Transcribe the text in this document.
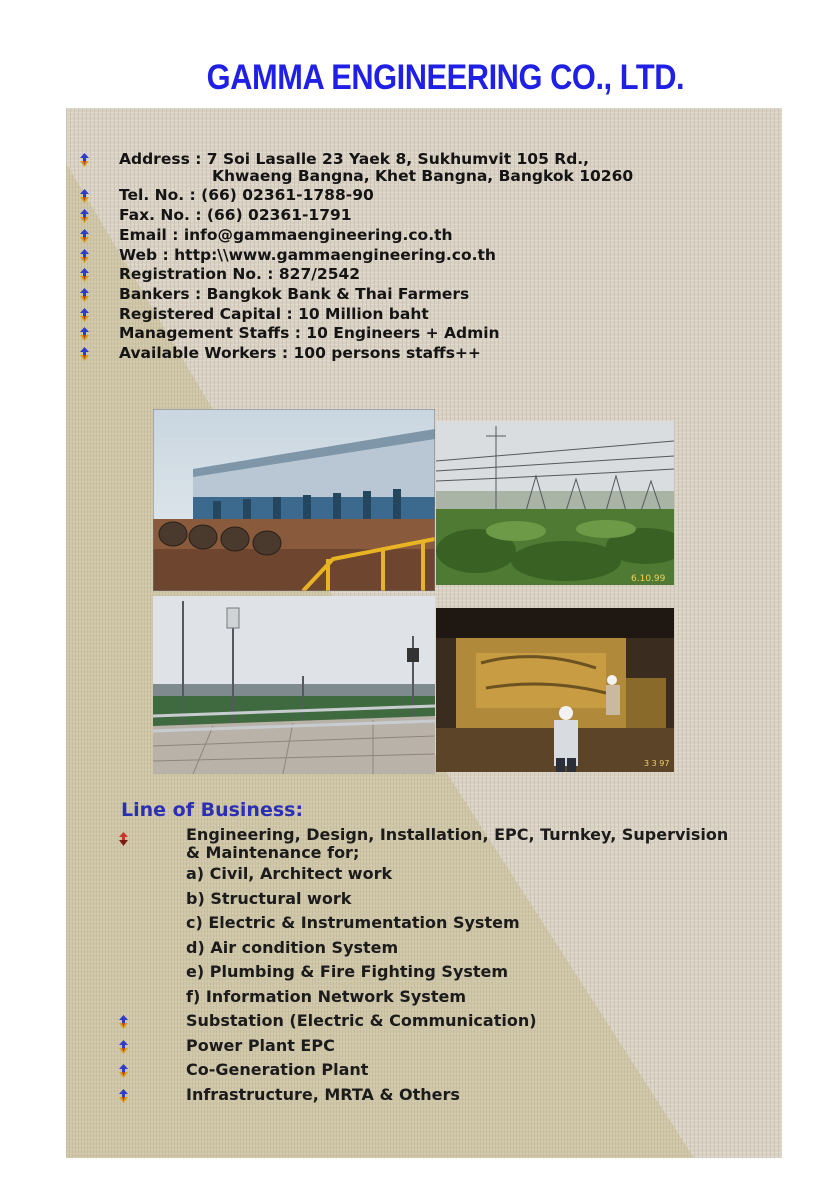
GAMMA ENGINEERING CO., LTD.
Address : 7 Soi Lasalle 23 Yaek 8, Sukhumvit 105 Rd.,
Khwaeng Bangna, Khet Bangna, Bangkok 10260
Tel. No. : (66) 02361-1788-90
Fax. No. : (66) 02361-1791
Email : info@gammaengineering.co.th
Web : http:\\www.gammaengineering.co.th
Registration No. : 827/2542
Bankers : Bangkok Bank & Thai Farmers
Registered Capital : 10 Million baht
Management Staffs : 10 Engineers + Admin
Available Workers : 100 persons staffs++
6.10.99
3 3 97
Line of Business:
Engineering, Design, Installation, EPC, Turnkey, Supervision
& Maintenance for;
a) Civil, Architect work
b) Structural work
c) Electric & Instrumentation System
d) Air condition System
e) Plumbing & Fire Fighting System
f) Information Network System
Substation (Electric & Communication)
Power Plant EPC
Co-Generation Plant
Infrastructure, MRTA & Others
